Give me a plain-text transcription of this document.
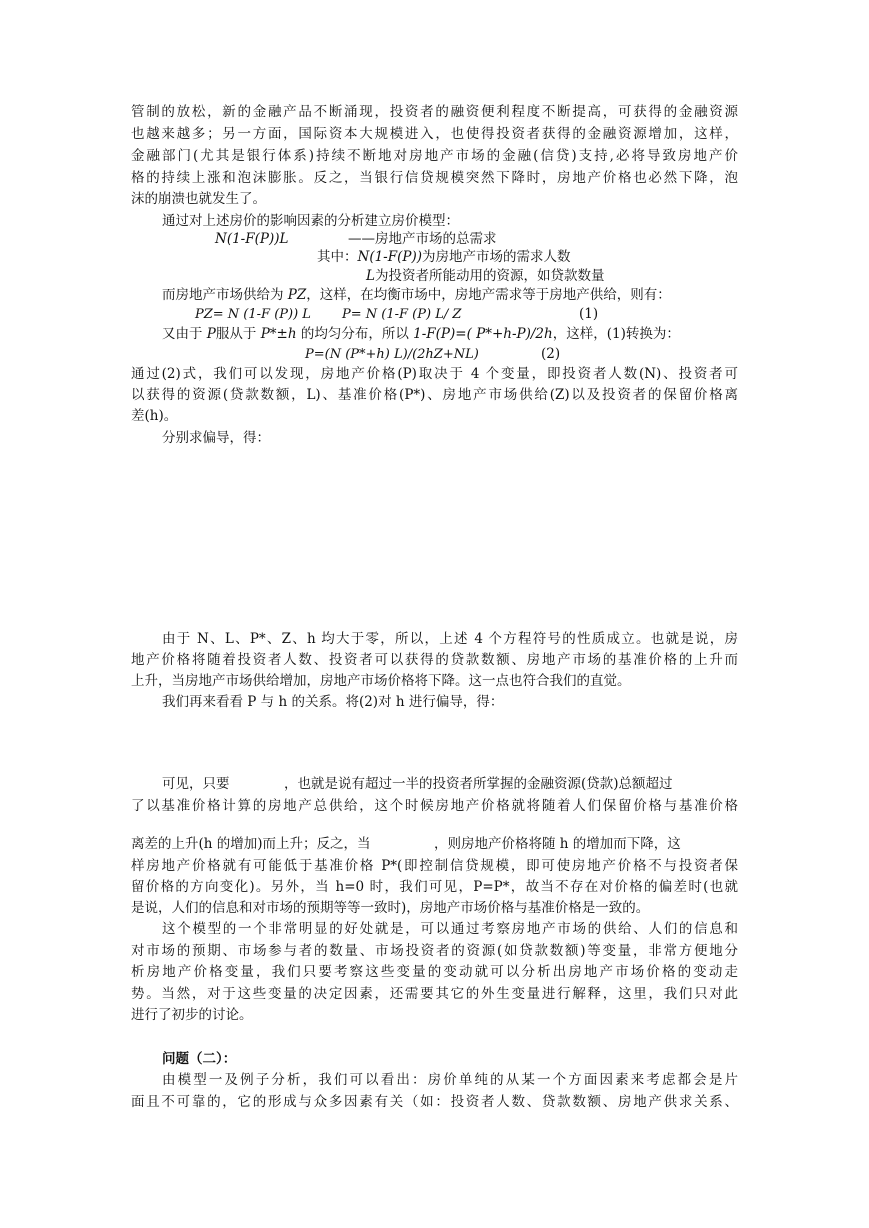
管制的放松，新的金融产品不断涌现，投资者的融资便利程度不断提高，可获得的金融资源
也越来越多；另一方面，国际资本大规模进入，也使得投资者获得的金融资源增加，这样，
金融部门(尤其是银行体系)持续不断地对房地产市场的金融(信贷)支持,必将导致房地产价
格的持续上涨和泡沫膨胀。反之，当银行信贷规模突然下降时，房地产价格也必然下降，泡
沫的崩溃也就发生了。
通过对上述房价的影响因素的分析建立房价模型：
N(1-F(P))L	——房地产市场的总需求
其中：N(1-F(P))为房地产市场的需求人数
L为投资者所能动用的资源，如贷款数量
而房地产市场供给为 PZ，这样，在均衡市场中，房地产需求等于房地产供给，则有：
PZ= N (1-F (P)) L P= N (1-F (P) L/ Z	(1)
又由于 P服从于 P*±h 的均匀分布，所以 1-F(P)=( P*+h-P)/2h，这样，(1)转换为：
P=(N (P*+h) L)/(2hZ+NL)	(2)
通过(2)式，我们可以发现，房地产价格(P)取决于 4 个变量，即投资者人数(N)、投资者可
以获得的资源(贷款数额，L)、基准价格(P*)、房地产市场供给(Z)以及投资者的保留价格离
差(h)。
分别求偏导，得：
由于 N、L、P*、Z、h 均大于零，所以，上述 4 个方程符号的性质成立。也就是说，房
地产价格将随着投资者人数、投资者可以获得的贷款数额、房地产市场的基准价格的上升而
上升，当房地产市场供给增加，房地产市场价格将下降。这一点也符合我们的直觉。
我们再来看看 P 与 h 的关系。将(2)对 h 进行偏导，得：
可见，只要	，也就是说有超过一半的投资者所掌握的金融资源(贷款)总额超过
了以基准价格计算的房地产总供给，这个时候房地产价格就将随着人们保留价格与基准价格
离差的上升(h 的增加)而上升；反之，当	，则房地产价格将随 h 的增加而下降，这
样房地产价格就有可能低于基准价格 P*(即控制信贷规模，即可使房地产价格不与投资者保
留价格的方向变化)。另外，当 h=0 时，我们可见，P=P*，故当不存在对价格的偏差时(也就
是说，人们的信息和对市场的预期等等一致时)，房地产市场价格与基准价格是一致的。
这个模型的一个非常明显的好处就是，可以通过考察房地产市场的供给、人们的信息和
对市场的预期、市场参与者的数量、市场投资者的资源(如贷款数额)等变量，非常方便地分
析房地产价格变量，我们只要考察这些变量的变动就可以分析出房地产市场价格的变动走
势。当然，对于这些变量的决定因素，还需要其它的外生变量进行解释，这里，我们只对此
进行了初步的讨论。
问题（二）：
由模型一及例子分析，我们可以看出：房价单纯的从某一个方面因素来考虑都会是片
面且不可靠的，它的形成与众多因素有关（如：投资者人数、贷款数额、房地产供求关系、
